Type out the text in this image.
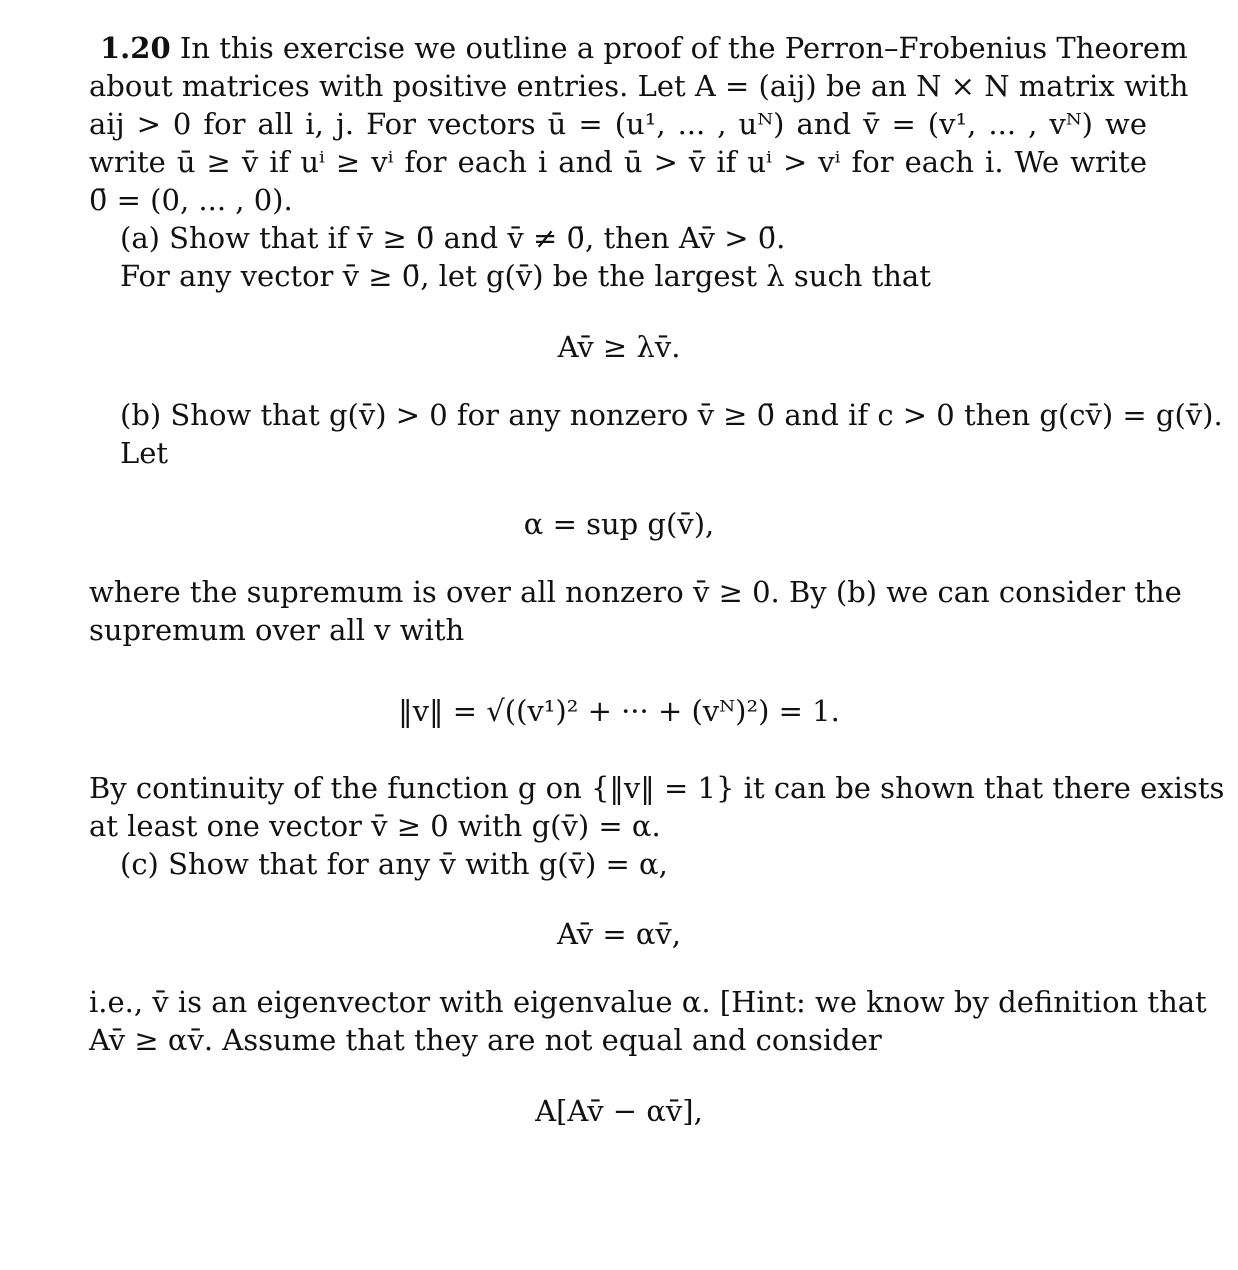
1.20 In this exercise we outline a proof of the Perron–Frobenius Theorem
about matrices with positive entries. Let A = (aij) be an N × N matrix with
aij > 0 for all i, j. For vectors ū = (u¹, ... , uᴺ) and v̄ = (v¹, ... , vᴺ) we
write ū ≥ v̄ if uⁱ ≥ vⁱ for each i and ū > v̄ if uⁱ > vⁱ for each i. We write
0̄ = (0, ... , 0).
(a) Show that if v̄ ≥ 0̄ and v̄ ≠ 0̄, then Av̄ > 0̄.
For any vector v̄ ≥ 0̄, let g(v̄) be the largest λ such that
Av̄ ≥ λv̄.
(b) Show that g(v̄) > 0 for any nonzero v̄ ≥ 0̄ and if c > 0 then g(cv̄) = g(v̄).
Let
α = sup g(v̄),
where the supremum is over all nonzero v̄ ≥ 0. By (b) we can consider the
supremum over all v with
‖v‖ = √((v¹)² + ··· + (vᴺ)²) = 1.
By continuity of the function g on {‖v‖ = 1} it can be shown that there exists
at least one vector v̄ ≥ 0 with g(v̄) = α.
(c) Show that for any v̄ with g(v̄) = α,
Av̄ = αv̄,
i.e., v̄ is an eigenvector with eigenvalue α. [Hint: we know by definition that
Av̄ ≥ αv̄. Assume that they are not equal and consider
A[Av̄ − αv̄],
